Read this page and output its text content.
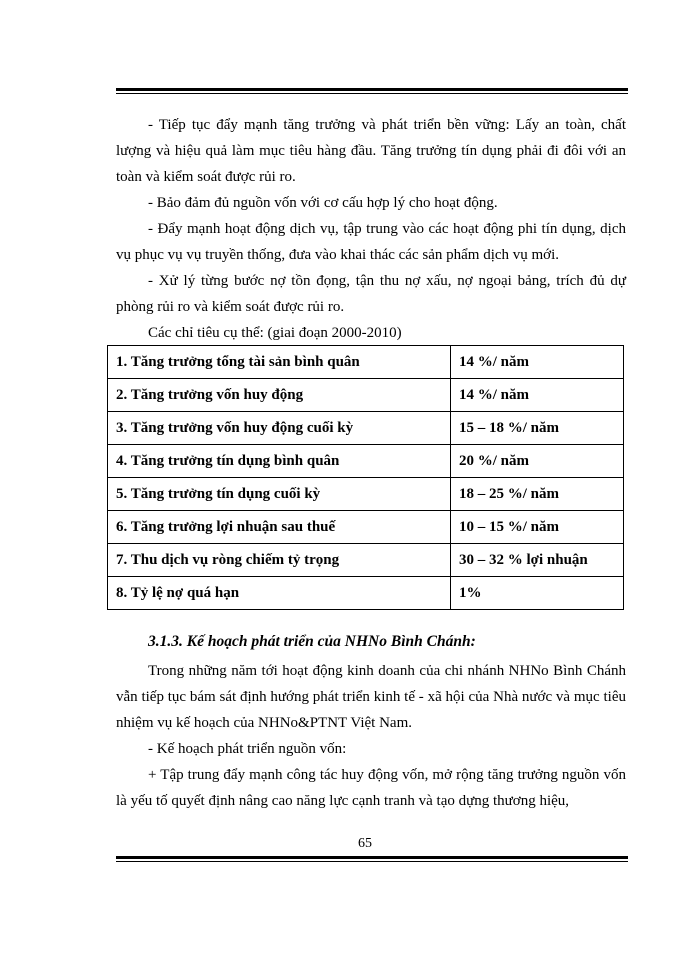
- Tiếp tục đẩy mạnh tăng trưởng và phát triển bền vững: Lấy an toàn, chất lượng và hiệu quả làm mục tiêu hàng đầu. Tăng trưởng tín dụng phải đi đôi với an toàn và kiểm soát được rủi ro.

- Bảo đảm đủ nguồn vốn với cơ cấu hợp lý cho hoạt động.

- Đẩy mạnh hoạt động dịch vụ, tập trung vào các hoạt động phi tín dụng, dịch vụ phục vụ vụ truyền thống, đưa vào khai thác các sản phẩm dịch vụ mới.

- Xử lý từng bước nợ tồn đọng, tận thu nợ xấu, nợ ngoại bảng, trích đủ dự phòng rủi ro và kiểm soát được rủi ro.

Các chỉ tiêu cụ thể: (giai đoạn 2000-2010)

1. Tăng trưởng tổng tài sản bình quân	14 %/ năm
2. Tăng trưởng vốn huy động	14 %/ năm
3. Tăng trưởng vốn huy động cuối kỳ	15 – 18 %/ năm
4. Tăng trưởng tín dụng bình quân	20 %/ năm
5. Tăng trưởng tín dụng cuối kỳ	18 – 25 %/ năm
6. Tăng trưởng lợi nhuận sau thuế	10 – 15 %/ năm
7. Thu dịch vụ ròng chiếm tỷ trọng	30 – 32 % lợi nhuận
8. Tỷ lệ nợ quá hạn	1%
3.1.3. Kế hoạch phát triển của NHNo Bình Chánh:

Trong những năm tới hoạt động kinh doanh của chi nhánh NHNo Bình Chánh vẫn tiếp tục bám sát định hướng phát triển kinh tế - xã hội của Nhà nước và mục tiêu nhiệm vụ kế hoạch của NHNo&PTNT Việt Nam.

- Kế hoạch phát triển nguồn vốn:

+ Tập trung đẩy mạnh công tác huy động vốn, mở rộng tăng trưởng nguồn vốn là yếu tố quyết định nâng cao năng lực cạnh tranh và tạo dựng thương hiệu,

65
